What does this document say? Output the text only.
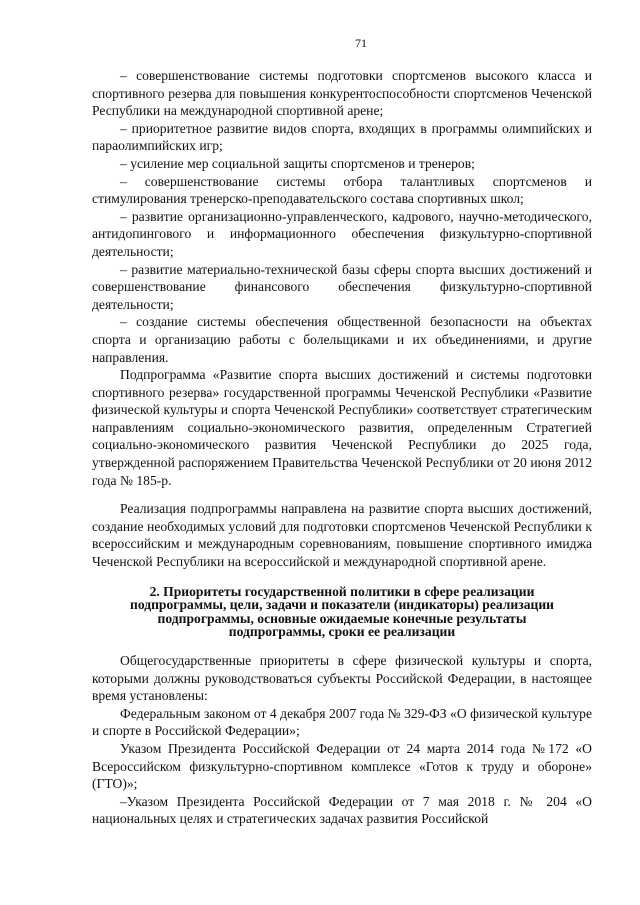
71

– совершенствование системы подготовки спортсменов высокого класса и спортивного резерва для повышения конкурентоспособности спортсменов Чеченской Республики на международной спортивной арене;

– приоритетное развитие видов спорта, входящих в программы олимпийских и параолимпийских игр;

– усиление мер социальной защиты спортсменов и тренеров;

– совершенствование системы отбора талантливых спортсменов и стимулирования тренерско-преподавательского состава спортивных школ;

– развитие организационно-управленческого, кадрового, научно-методического, антидопингового и информационного обеспечения физкультурно-спортивной деятельности;

– развитие материально-технической базы сферы спорта высших достижений и совершенствование финансового обеспечения физкультурно-спортивной деятельности;

– создание системы обеспечения общественной безопасности на объектах спорта и организацию работы с болельщиками и их объединениями, и другие направления.

Подпрограмма «Развитие спорта высших достижений и системы подготовки спортивного резерва» государственной программы Чеченской Республики «Развитие физической культуры и спорта Чеченской Республики» соответствует стратегическим направлениям социально-экономического развития, определенным Стратегией социально-экономического развития Чеченской Республики до 2025 года, утвержденной распоряжением Правительства Чеченской Республики от 20 июня 2012 года № 185-р.

Реализация подпрограммы направлена на развитие спорта высших достижений, создание необходимых условий для подготовки спортсменов Чеченской Республики к всероссийским и международным соревнованиям, повышение спортивного имиджа Чеченской Республики на всероссийской и международной спортивной арене.

2. Приоритеты государственной политики в сфере реализации
подпрограммы, цели, задачи и показатели (индикаторы) реализации
подпрограммы, основные ожидаемые конечные результаты
подпрограммы, сроки ее реализации

Общегосударственные приоритеты в сфере физической культуры и спорта, которыми должны руководствоваться субъекты Российской Федерации, в настоящее время установлены:

Федеральным законом от 4 декабря 2007 года № 329-ФЗ «О физической культуре и спорте в Российской Федерации»;

Указом Президента Российской Федерации от 24 марта 2014 года №172 «О Всероссийском физкультурно-спортивном комплексе «Готов к труду и обороне» (ГТО)»;

–Указом Президента Российской Федерации от 7 мая 2018 г. № 204 «О национальных целях и стратегических задачах развития Российской
